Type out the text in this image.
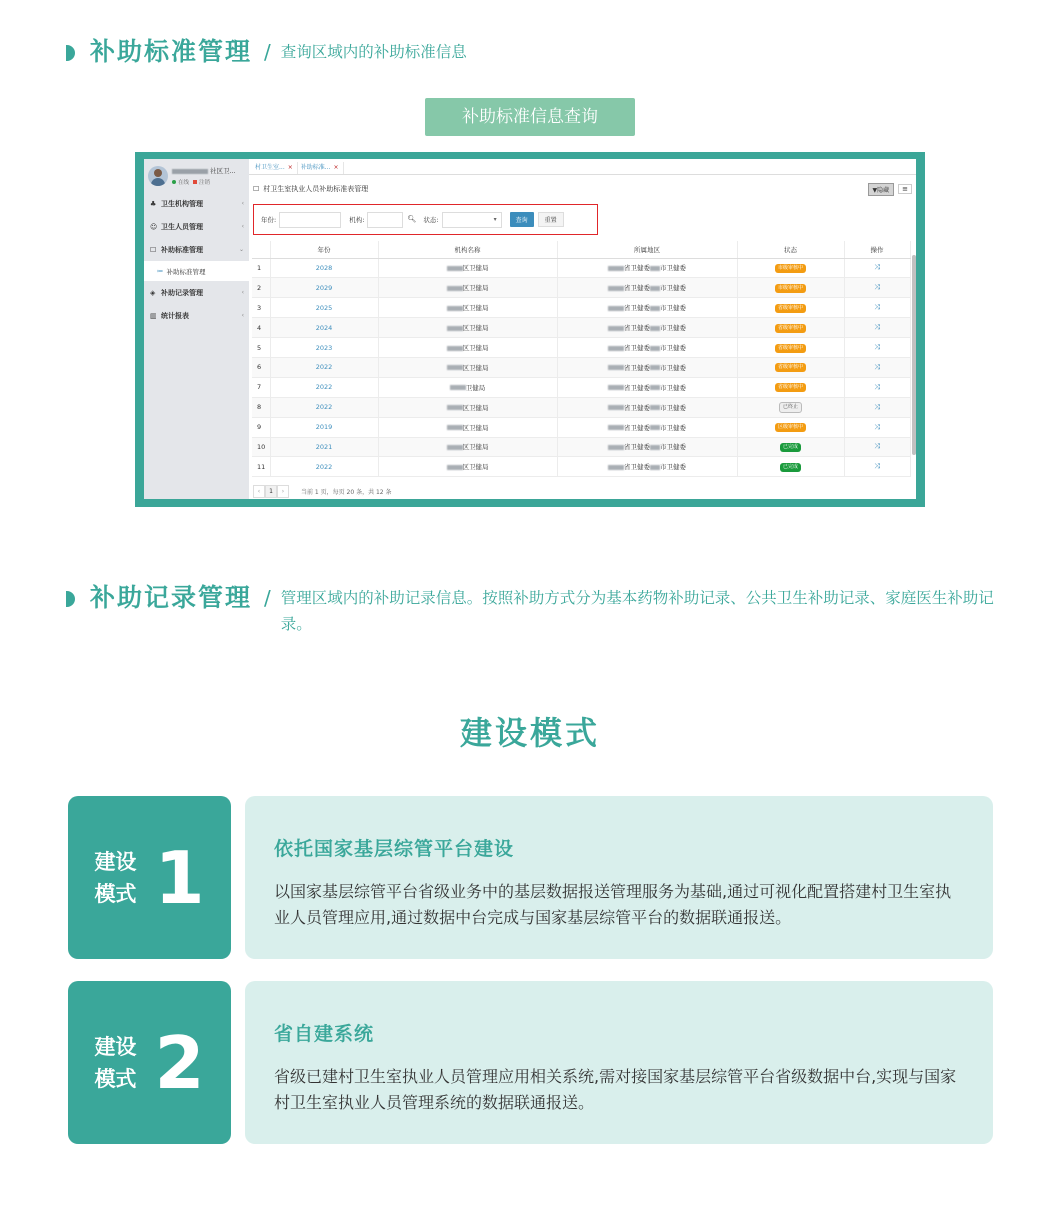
补助标准管理 / 查询区域内的补助标准信息
补助标准信息查询
社区卫...
在线 注销
♣ 卫生机构管理	‹
☺ 卫生人员管理	‹
☐ 补助标准管理	⌄
≔ 补助标准管理
◈ 补助记录管理	‹
▥ 统计报表	‹
村卫生室... ×	补助标准... ×
☐ 村卫生室执业人员补助标准表管理	▼隐藏	≡
年份:	机构:	🔍︎ 状态: ▾	查询	重置
	年份	机构名称	所属地区	状态	操作
1	2028	区卫健局	省卫健委 市卫健委	市级审核中	⤨
2	2029	区卫健局	省卫健委 市卫健委	市级审核中	⤨
3	2025	区卫健局	省卫健委 市卫健委	省级审核中	⤨
4	2024	区卫健局	省卫健委 市卫健委	省级审核中	⤨
5	2023	区卫健局	省卫健委 市卫健委	省级审核中	⤨
6	2022	区卫健局	省卫健委 市卫健委	省级审核中	⤨
7	2022	卫健局	省卫健委 市卫健委	省级审核中	⤨
8	2022	区卫健局	省卫健委 市卫健委	已终止	⤨
9	2019	区卫健局	省卫健委 市卫健委	区级审核中	⤨
10	2021	区卫健局	省卫健委 市卫健委	已完成	⤨
11	2022	区卫健局	省卫健委 市卫健委	已完成	⤨
‹	1	›	当前 1 页，每页 20 条，共 12 条
补助记录管理 / 管理区域内的补助记录信息。按照补助方式分为基本药物补助记录、公共卫生补助记录、家庭医生补助记录。
建设模式
建设
模式 1	依托国家基层综管平台建设
以国家基层综管平台省级业务中的基层数据报送管理服务为基础,通过可视化配置搭建村卫生室执业人员管理应用,通过数据中台完成与国家基层综管平台的数据联通报送。
建设
模式 2	省自建系统
省级已建村卫生室执业人员管理应用相关系统,需对接国家基层综管平台省级数据中台,实现与国家村卫生室执业人员管理系统的数据联通报送。
